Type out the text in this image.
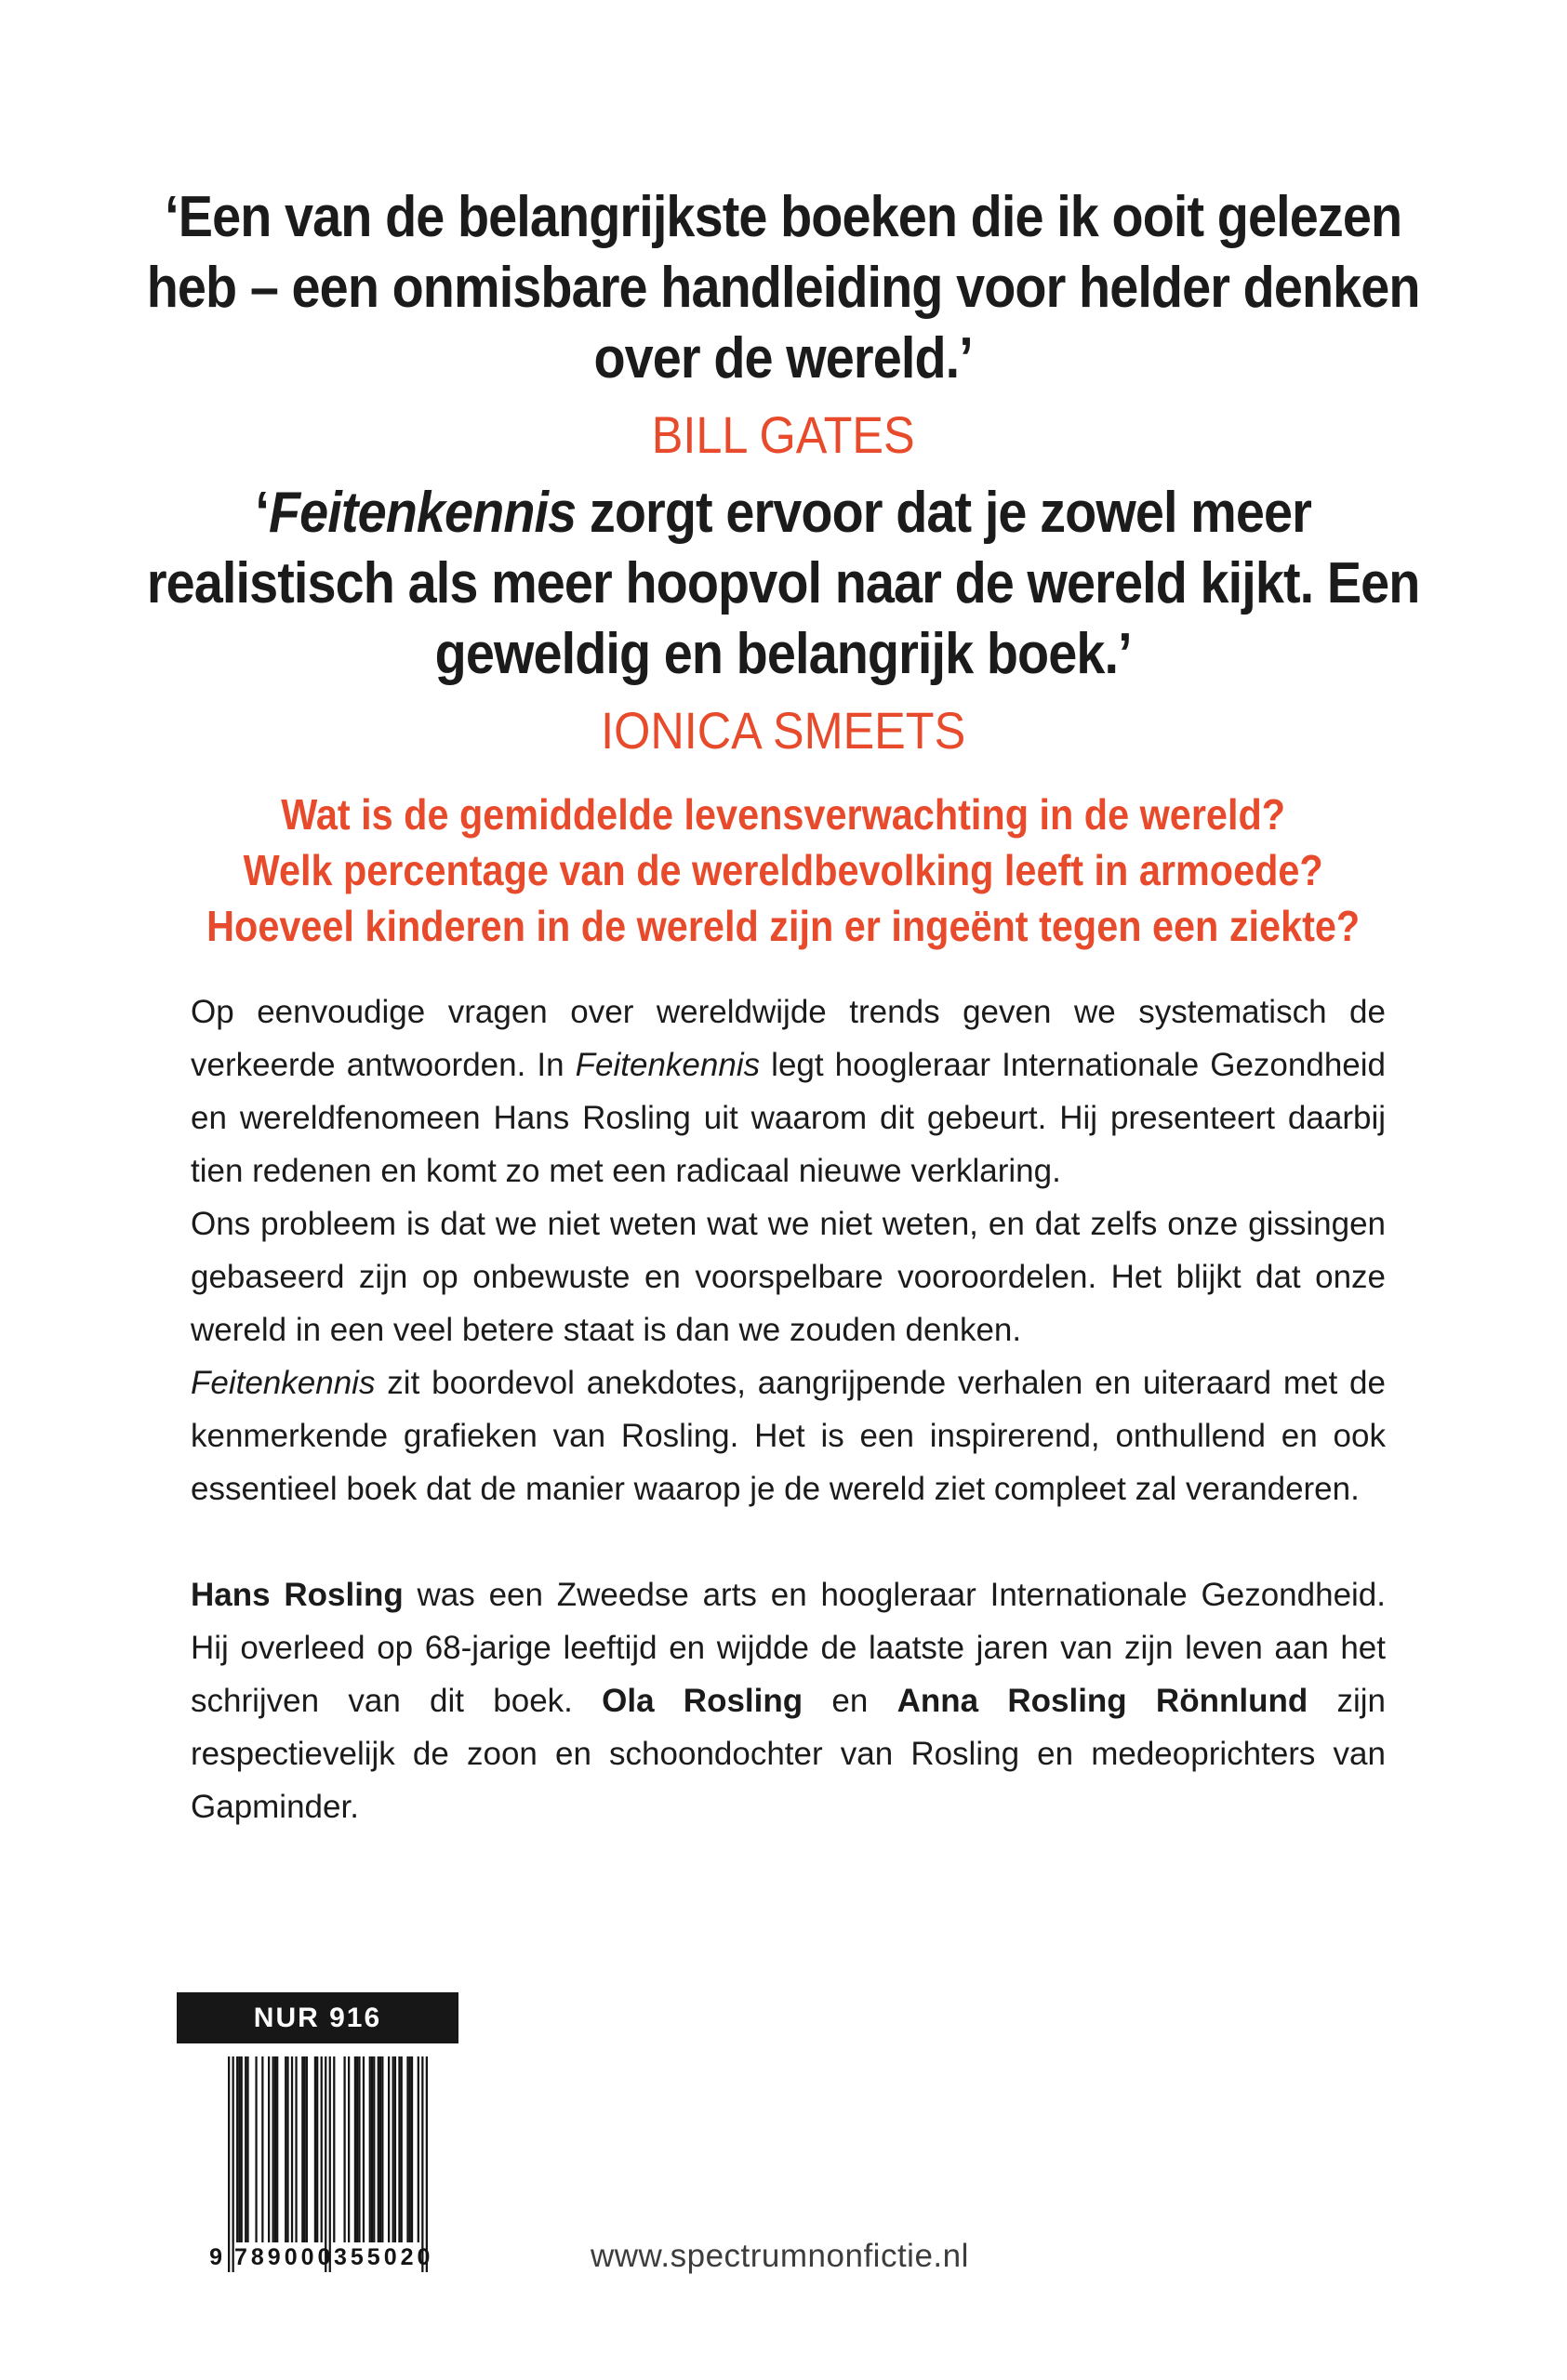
‘Een van de belangrijkste boeken die ik ooit gelezen heb – een onmisbare handleiding voor helder denken over de wereld.’

BILL GATES

‘Feitenkennis zorgt ervoor dat je zowel meer realistisch als meer hoopvol naar de wereld kijkt. Een geweldig en belangrijk boek.’

IONICA SMEETS

Wat is de gemiddelde levensverwachting in de wereld?

Welk percentage van de wereldbevolking leeft in armoede?

Hoeveel kinderen in de wereld zijn er ingeënt tegen een ziekte?

Op eenvoudige vragen over wereldwijde trends geven we systematisch de verkeerde antwoorden. In Feitenkennis legt hoogleraar Internationale Gezondheid en wereldfenomeen Hans Rosling uit waarom dit gebeurt. Hij presenteert daarbij tien redenen en komt zo met een radicaal nieuwe verklaring.

Ons probleem is dat we niet weten wat we niet weten, en dat zelfs onze gissingen gebaseerd zijn op onbewuste en voorspelbare vooroordelen. Het blijkt dat onze wereld in een veel betere staat is dan we zouden denken.

Feitenkennis zit boordevol anekdotes, aangrijpende verhalen en uiteraard met de kenmerkende grafieken van Rosling. Het is een inspirerend, onthullend en ook essentieel boek dat de manier waarop je de wereld ziet compleet zal veranderen.

Hans Rosling was een Zweedse arts en hoogleraar Internationale Gezondheid. Hij overleed op 68-jarige leeftijd en wijdde de laatste jaren van zijn leven aan het schrijven van dit boek. Ola Rosling en Anna Rosling Rönnlund zijn respectievelijk de zoon en schoondochter van Rosling en medeoprichters van Gapminder.

NUR 916
9 789000 355020	www.spectrumnonfictie.nl
